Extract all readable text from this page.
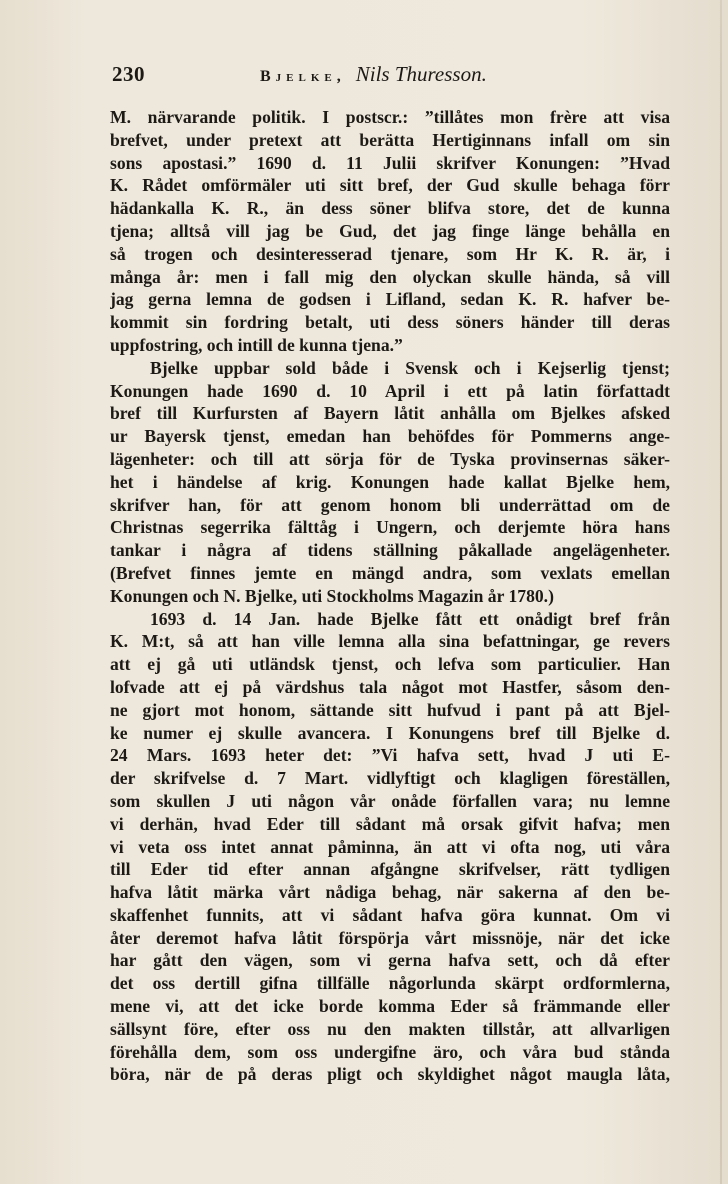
230	Bjelke, Nils Thuresson.
M. närvarande politik. I postscr.: ”tillåtes mon frère att visa
brefvet, under pretext att berätta Hertiginnans infall om sin
sons apostasi.” 1690 d. 11 Julii skrifver Konungen: ”Hvad
K. Rådet omförmäler uti sitt bref, der Gud skulle behaga förr
hädankalla K. R., än dess söner blifva store, det de kunna
tjena; alltså vill jag be Gud, det jag finge länge behålla en
så trogen och desinteresserad tjenare, som Hr K. R. är, i
många år: men i fall mig den olyckan skulle hända, så vill
jag gerna lemna de godsen i Lifland, sedan K. R. hafver be-
kommit sin fordring betalt, uti dess söners händer till deras
uppfostring, och intill de kunna tjena.”
Bjelke uppbar sold både i Svensk och i Kejserlig tjenst;
Konungen hade 1690 d. 10 April i ett på latin författadt
bref till Kurfursten af Bayern låtit anhålla om Bjelkes afsked
ur Bayersk tjenst, emedan han behöfdes för Pommerns ange-
lägenheter: och till att sörja för de Tyska provinsernas säker-
het i händelse af krig. Konungen hade kallat Bjelke hem,
skrifver han, för att genom honom bli underrättad om de
Christnas segerrika fälttåg i Ungern, och derjemte höra hans
tankar i några af tidens ställning påkallade angelägenheter.
(Brefvet finnes jemte en mängd andra, som vexlats emellan
Konungen och N. Bjelke, uti Stockholms Magazin år 1780.)
1693 d. 14 Jan. hade Bjelke fått ett onådigt bref från
K. M:t, så att han ville lemna alla sina befattningar, ge revers
att ej gå uti utländsk tjenst, och lefva som particulier. Han
lofvade att ej på värdshus tala något mot Hastfer, såsom den-
ne gjort mot honom, sättande sitt hufvud i pant på att Bjel-
ke numer ej skulle avancera. I Konungens bref till Bjelke d.
24 Mars. 1693 heter det: ”Vi hafva sett, hvad J uti E-
der skrifvelse d. 7 Mart. vidlyftigt och klagligen föreställen,
som skullen J uti någon vår onåde förfallen vara; nu lemne
vi derhän, hvad Eder till sådant må orsak gifvit hafva; men
vi veta oss intet annat påminna, än att vi ofta nog, uti våra
till Eder tid efter annan afgångne skrifvelser, rätt tydligen
hafva låtit märka vårt nådiga behag, när sakerna af den be-
skaffenhet funnits, att vi sådant hafva göra kunnat. Om vi
åter deremot hafva låtit förspörja vårt missnöje, när det icke
har gått den vägen, som vi gerna hafva sett, och då efter
det oss dertill gifna tillfälle någorlunda skärpt ordformlerna,
mene vi, att det icke borde komma Eder så främmande eller
sällsynt före, efter oss nu den makten tillstår, att allvarligen
förehålla dem, som oss undergifne äro, och våra bud stånda
böra, när de på deras pligt och skyldighet något maugla låta,
